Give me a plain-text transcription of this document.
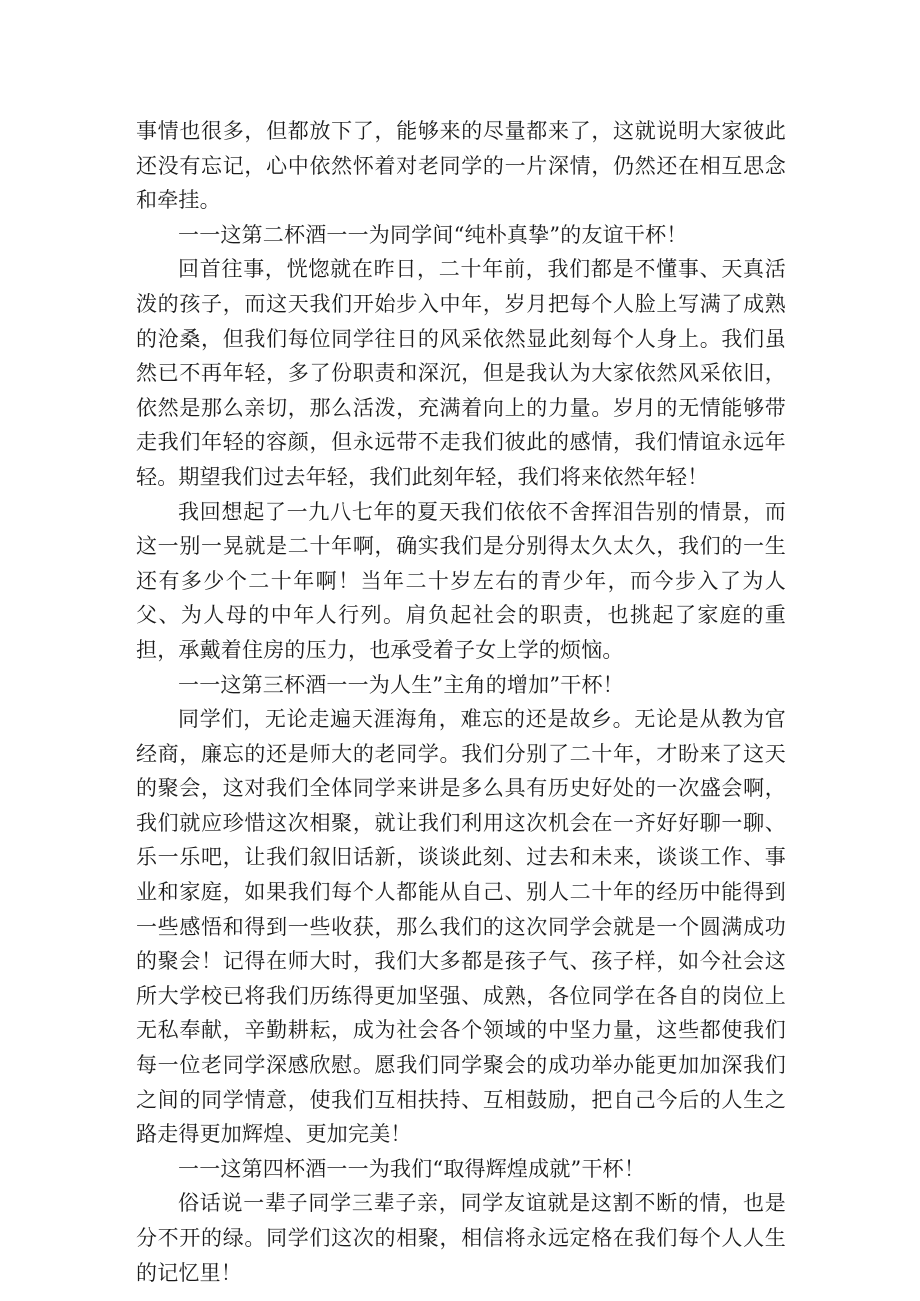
事情也很多，但都放下了，能够来的尽量都来了，这就说明大家彼此还没有忘记，心中依然怀着对老同学的一片深情，仍然还在相互思念和牵挂。

一一这第二杯酒一一为同学间“纯朴真挚”的友谊干杯！

回首往事，恍惚就在昨日，二十年前，我们都是不懂事、天真活泼的孩子，而这天我们开始步入中年，岁月把每个人脸上写满了成熟的沧桑，但我们每位同学往日的风采依然显此刻每个人身上。我们虽然已不再年轻，多了份职责和深沉，但是我认为大家依然风采依旧，依然是那么亲切，那么活泼，充满着向上的力量。岁月的无情能够带走我们年轻的容颜，但永远带不走我们彼此的感情，我们情谊永远年轻。期望我们过去年轻，我们此刻年轻，我们将来依然年轻！

我回想起了一九八七年的夏天我们依依不舍挥泪告别的情景，而这一别一晃就是二十年啊，确实我们是分别得太久太久，我们的一生还有多少个二十年啊！当年二十岁左右的青少年，而今步入了为人父、为人母的中年人行列。肩负起社会的职责，也挑起了家庭的重担，承戴着住房的压力，也承受着子女上学的烦恼。

一一这第三杯酒一一为人生”主角的增加”干杯！

同学们，无论走遍天涯海角，难忘的还是故乡。无论是从教为官经商，廉忘的还是师大的老同学。我们分别了二十年，才盼来了这天的聚会，这对我们全体同学来讲是多么具有历史好处的一次盛会啊，我们就应珍惜这次相聚，就让我们利用这次机会在一齐好好聊一聊、乐一乐吧，让我们叙旧话新，谈谈此刻、过去和未来，谈谈工作、事业和家庭，如果我们每个人都能从自己、别人二十年的经历中能得到一些感悟和得到一些收获，那么我们的这次同学会就是一个圆满成功的聚会！记得在师大时，我们大多都是孩子气、孩子样，如今社会这所大学校已将我们历练得更加坚强、成熟，各位同学在各自的岗位上无私奉献，辛勤耕耘，成为社会各个领域的中坚力量，这些都使我们每一位老同学深感欣慰。愿我们同学聚会的成功举办能更加加深我们之间的同学情意，使我们互相扶持、互相鼓励，把自己今后的人生之路走得更加辉煌、更加完美！

一一这第四杯酒一一为我们“取得辉煌成就”干杯！

俗话说一辈子同学三辈子亲，同学友谊就是这割不断的情，也是分不开的绿。同学们这次的相聚，相信将永远定格在我们每个人人生的记忆里！
